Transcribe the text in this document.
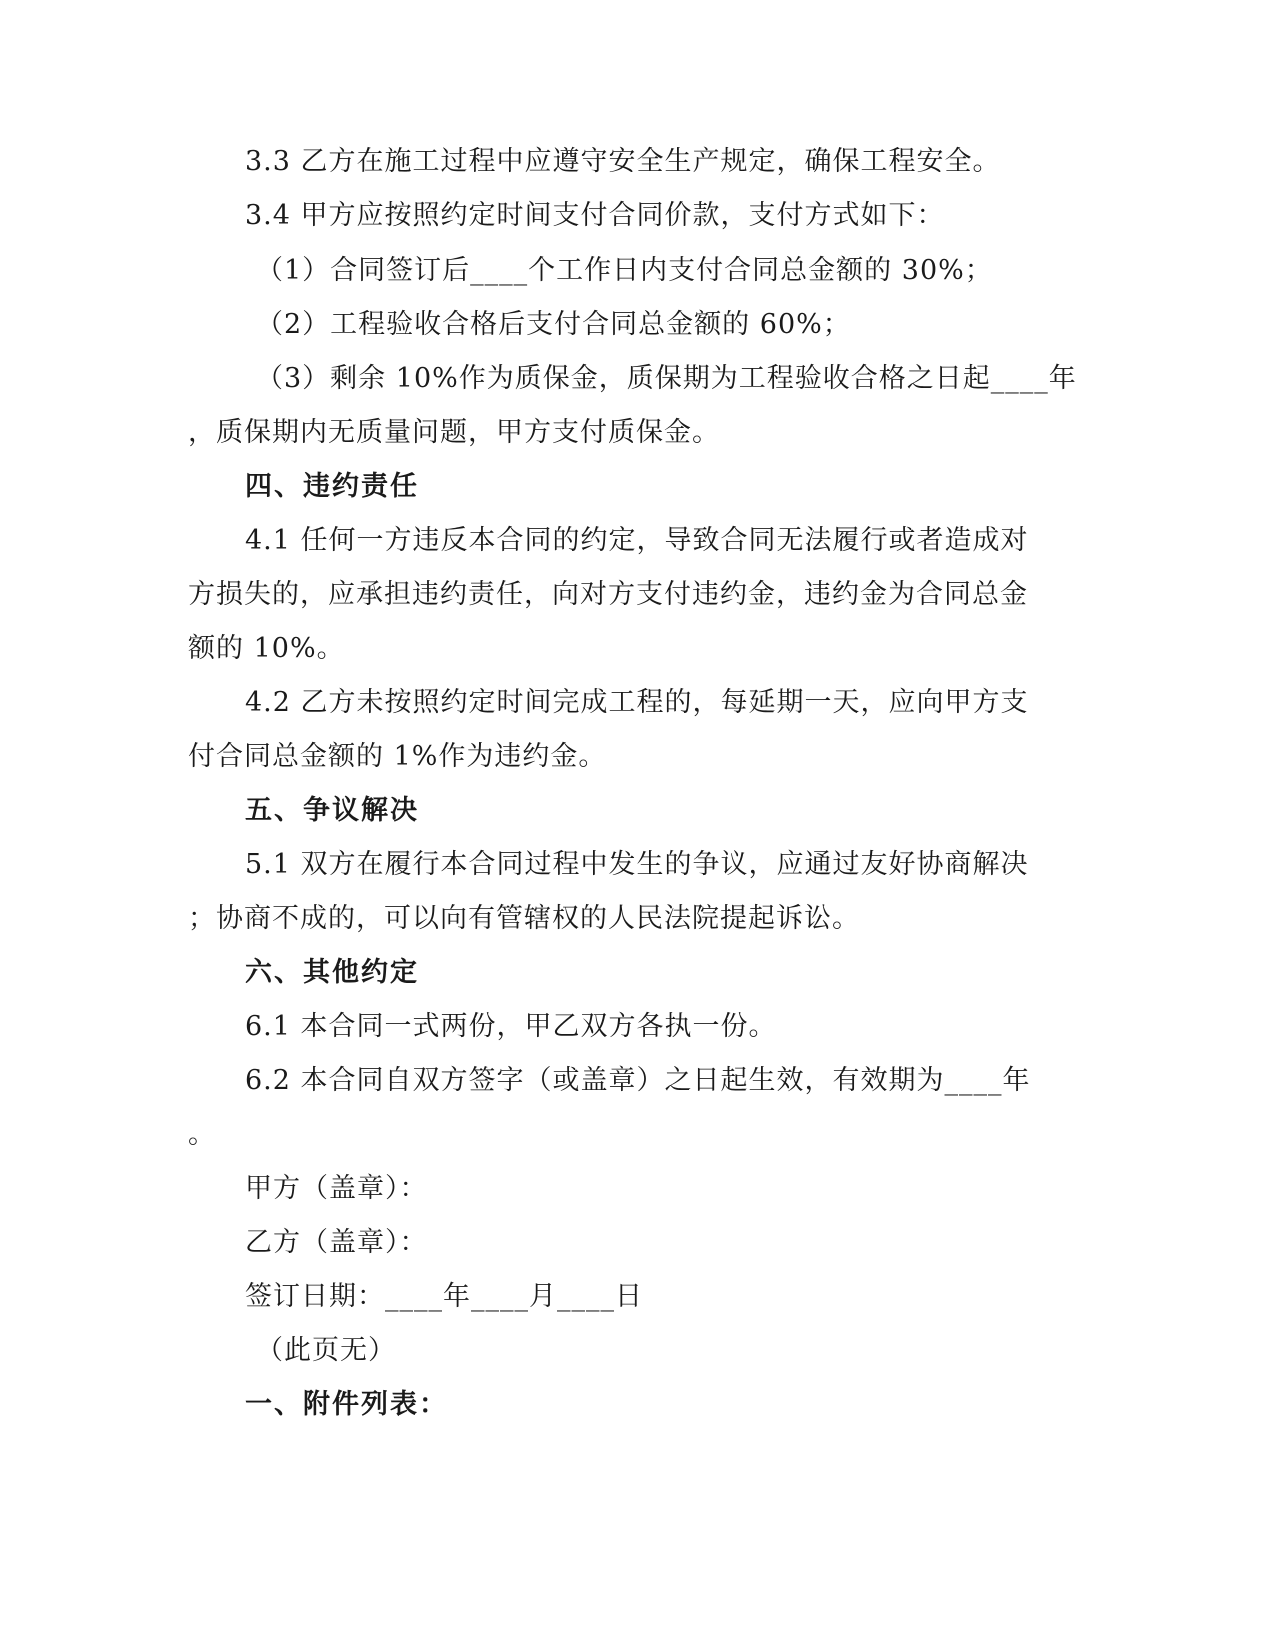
3.3 乙方在施工过程中应遵守安全生产规定，确保工程安全。
3.4 甲方应按照约定时间支付合同价款，支付方式如下：
（1）合同签订后____个工作日内支付合同总金额的 30%；
（2）工程验收合格后支付合同总金额的 60%；
（3）剩余 10%作为质保金，质保期为工程验收合格之日起____年
，质保期内无质量问题，甲方支付质保金。
四、违约责任
4.1 任何一方违反本合同的约定，导致合同无法履行或者造成对
方损失的，应承担违约责任，向对方支付违约金，违约金为合同总金
额的 10%。
4.2 乙方未按照约定时间完成工程的，每延期一天，应向甲方支
付合同总金额的 1%作为违约金。
五、争议解决
5.1 双方在履行本合同过程中发生的争议，应通过友好协商解决
；协商不成的，可以向有管辖权的人民法院提起诉讼。
六、其他约定
6.1 本合同一式两份，甲乙双方各执一份。
6.2 本合同自双方签字（或盖章）之日起生效，有效期为____年
。
甲方（盖章）：
乙方（盖章）：
签订日期：____年____月____日
（此页无）
一、附件列表：
